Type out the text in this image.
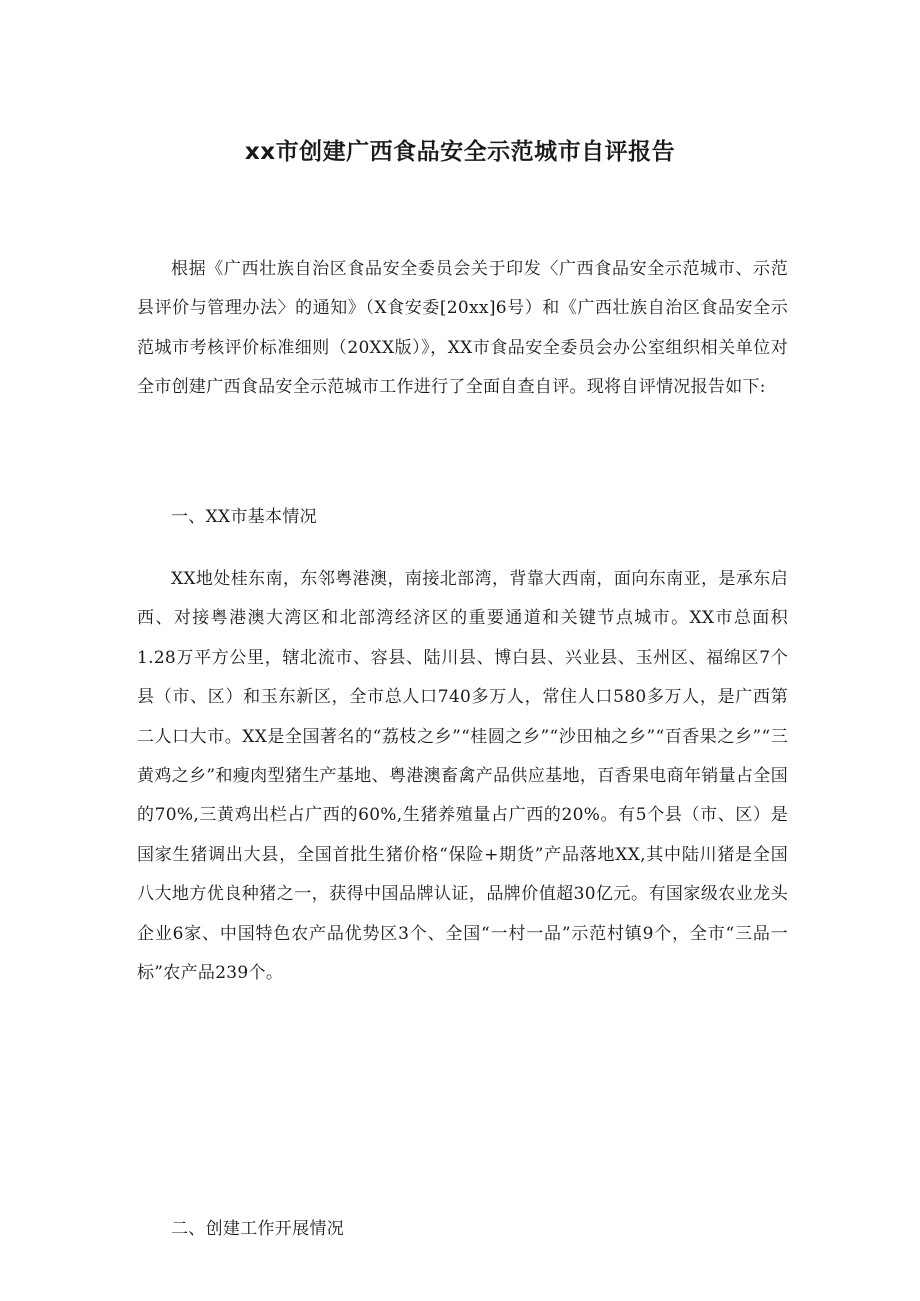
xx市创建广西食品安全示范城市自评报告

根据《广西壮族自治区食品安全委员会关于印发〈广西食品安全示范城市、示范县评价与管理办法〉的通知》（X食安委[20xx]6号）和《广西壮族自治区食品安全示范城市考核评价标准细则（20XX版）》，XX市食品安全委员会办公室组织相关单位对全市创建广西食品安全示范城市工作进行了全面自查自评。现将自评情况报告如下:

一、XX市基本情况

XX地处桂东南，东邻粤港澳，南接北部湾，背靠大西南，面向东南亚，是承东启西、对接粤港澳大湾区和北部湾经济区的重要通道和关键节点城市。XX市总面积1.28万平方公里，辖北流市、容县、陆川县、博白县、兴业县、玉州区、福绵区7个县（市、区）和玉东新区，全市总人口740多万人，常住人口580多万人，是广西第二人口大市。XX是全国著名的“荔枝之乡”“桂圆之乡”“沙田柚之乡”“百香果之乡”“三黄鸡之乡”和瘦肉型猪生产基地、粤港澳畜禽产品供应基地，百香果电商年销量占全国的70%,三黄鸡出栏占广西的60%,生猪养殖量占广西的20%。有5个县（市、区）是国家生猪调出大县，全国首批生猪价格“保险+期货”产品落地XX,其中陆川猪是全国八大地方优良种猪之一，获得中国品牌认证，品牌价值超30亿元。有国家级农业龙头企业6家、中国特色农产品优势区3个、全国“一村一品”示范村镇9个，全市“三品一标”农产品239个。

二、创建工作开展情况
